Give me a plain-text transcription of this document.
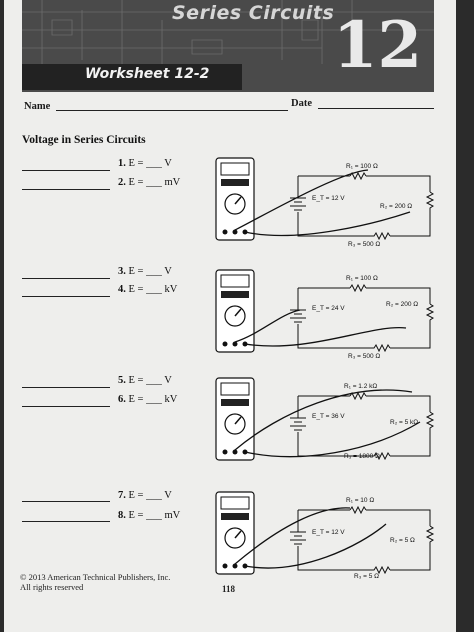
Series Circuits
12
Worksheet 12-2
Name	Date
Voltage in Series Circuits
1. E = ___ V
2. E = ___ mV
3. E = ___ V
4. E = ___ kV
5. E = ___ V
6. E = ___ kV
7. E = ___ V
8. E = ___ mV
R₁ = 100 Ω
E_T = 12 V
R₂ = 200 Ω
R₃ = 500 Ω
R₁ = 100 Ω
E_T = 24 V
R₂ = 200 Ω
R₃ = 500 Ω
R₁ = 1.2 kΩ
E_T = 36 V
R₂ = 5 kΩ
R₃ = 1800 Ω
R₁ = 10 Ω
E_T = 12 V
R₂ = 5 Ω
R₃ = 5 Ω
© 2013 American Technical Publishers, Inc.
All rights reserved	118
